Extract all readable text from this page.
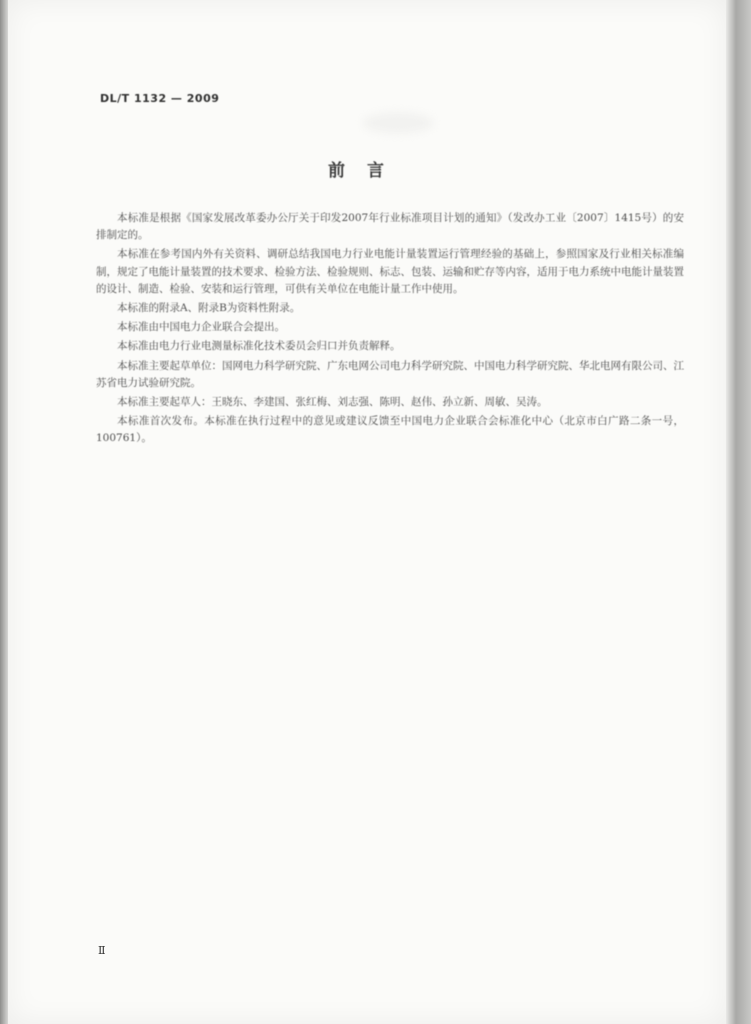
DL/T 1132 — 2009
前言

本标准是根据《国家发展改革委办公厅关于印发2007年行业标准项目计划的通知》（发改办工业〔2007〕1415号）的安排制定的。

本标准在参考国内外有关资料、调研总结我国电力行业电能计量装置运行管理经验的基础上，参照国家及行业相关标准编制，规定了电能计量装置的技术要求、检验方法、检验规则、标志、包装、运输和贮存等内容，适用于电力系统中电能计量装置的设计、制造、检验、安装和运行管理，可供有关单位在电能计量工作中使用。

本标准的附录A、附录B为资料性附录。

本标准由中国电力企业联合会提出。

本标准由电力行业电测量标准化技术委员会归口并负责解释。

本标准主要起草单位：国网电力科学研究院、广东电网公司电力科学研究院、中国电力科学研究院、华北电网有限公司、江苏省电力试验研究院。

本标准主要起草人：王晓东、李建国、张红梅、刘志强、陈明、赵伟、孙立新、周敏、吴涛。

本标准首次发布。本标准在执行过程中的意见或建议反馈至中国电力企业联合会标准化中心（北京市白广路二条一号，100761）。

Ⅱ
